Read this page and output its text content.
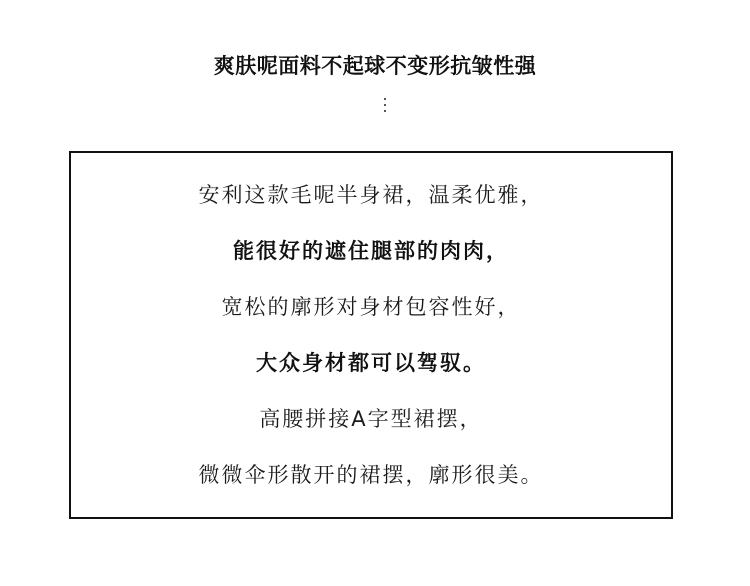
爽肤呢面料不起球不变形抗皱性强
安利这款毛呢半身裙，温柔优雅，
能很好的遮住腿部的肉肉，
宽松的廓形对身材包容性好，
大众身材都可以驾驭。
高腰拼接A字型裙摆，
微微伞形散开的裙摆，廓形很美。
